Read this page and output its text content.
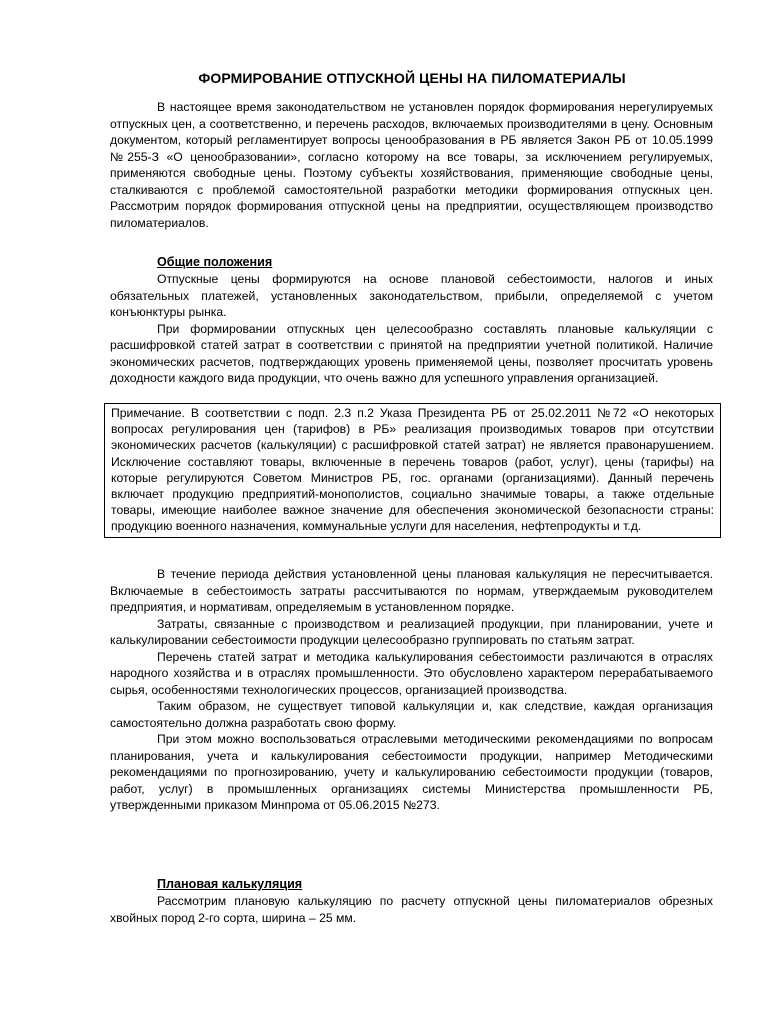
ФОРМИРОВАНИЕ ОТПУСКНОЙ ЦЕНЫ НА ПИЛОМАТЕРИАЛЫ

В настоящее время законодательством не установлен порядок формирования нерегулируемых отпускных цен, а соответственно, и перечень расходов, включаемых производителями в цену. Основным документом, который регламентирует вопросы ценообразования в РБ является Закон РБ от 10.05.1999 №255-З «О ценообразовании», согласно которому на все товары, за исключением регулируемых, применяются свободные цены. Поэтому субъекты хозяйствования, применяющие свободные цены, сталкиваются с проблемой самостоятельной разработки методики формирования отпускных цен. Рассмотрим порядок формирования отпускной цены на предприятии, осуществляющем производство пиломатериалов.

Общие положения

Отпускные цены формируются на основе плановой себестоимости, налогов и иных обязательных платежей, установленных законодательством, прибыли, определяемой с учетом конъюнктуры рынка.

При формировании отпускных цен целесообразно составлять плановые калькуляции с расшифровкой статей затрат в соответствии с принятой на предприятии учетной политикой. Наличие экономических расчетов, подтверждающих уровень применяемой цены, позволяет просчитать уровень доходности каждого вида продукции, что очень важно для успешного управления организацией.

Примечание. В соответствии с подп. 2.3 п.2 Указа Президента РБ от 25.02.2011 №72 «О некоторых вопросах регулирования цен (тарифов) в РБ» реализация производимых товаров при отсутствии экономических расчетов (калькуляции) с расшифровкой статей затрат) не является правонарушением. Исключение составляют товары, включенные в перечень товаров (работ, услуг), цены (тарифы) на которые регулируются Советом Министров РБ, гос. органами (организациями). Данный перечень включает продукцию предприятий-монополистов, социально значимые товары, а также отдельные товары, имеющие наиболее важное значение для обеспечения экономической безопасности страны: продукцию военного назначения, коммунальные услуги для населения, нефтепродукты и т.д.

В течение периода действия установленной цены плановая калькуляция не пересчитывается. Включаемые в себестоимость затраты рассчитываются по нормам, утверждаемым руководителем предприятия, и нормативам, определяемым в установленном порядке.

Затраты, связанные с производством и реализацией продукции, при планировании, учете и калькулировании себестоимости продукции целесообразно группировать по статьям затрат.

Перечень статей затрат и методика калькулирования себестоимости различаются в отраслях народного хозяйства и в отраслях промышленности. Это обусловлено характером перерабатываемого сырья, особенностями технологических процессов, организацией производства.

Таким образом, не существует типовой калькуляции и, как следствие, каждая организация самостоятельно должна разработать свою форму.

При этом можно воспользоваться отраслевыми методическими рекомендациями по вопросам планирования, учета и калькулирования себестоимости продукции, например Методическими рекомендациями по прогнозированию, учету и калькулированию себестоимости продукции (товаров, работ, услуг) в промышленных организациях системы Министерства промышленности РБ, утвержденными приказом Минпрома от 05.06.2015 №273.

Плановая калькуляция

Рассмотрим плановую калькуляцию по расчету отпускной цены пиломатериалов обрезных хвойных пород 2-го сорта, ширина – 25 мм.
